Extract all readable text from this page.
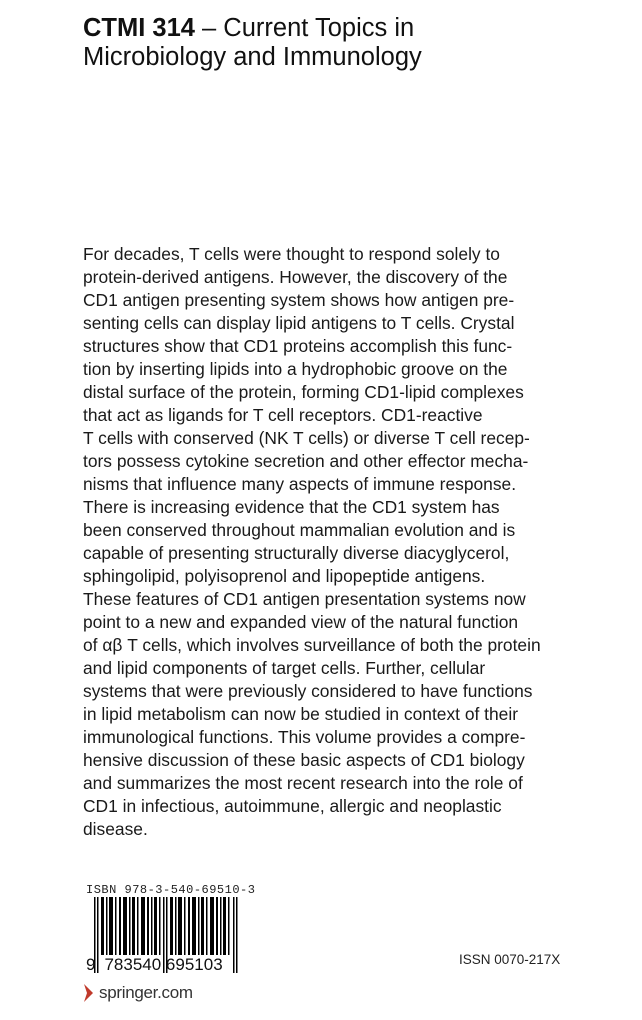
CTMI 314 – Current Topics in
Microbiology and Immunology
For decades, T cells were thought to respond solely to
protein-derived antigens. However, the discovery of the
CD1 antigen presenting system shows how antigen pre-
senting cells can display lipid antigens to T cells. Crystal
structures show that CD1 proteins accomplish this func-
tion by inserting lipids into a hydrophobic groove on the
distal surface of the protein, forming CD1-lipid complexes
that act as ligands for T cell receptors. CD1-reactive
T cells with conserved (NK T cells) or diverse T cell recep-
tors possess cytokine secretion and other effector mecha-
nisms that influence many aspects of immune response.
There is increasing evidence that the CD1 system has
been conserved throughout mammalian evolution and is
capable of presenting structurally diverse diacyglycerol,
sphingolipid, polyisoprenol and lipopeptide antigens.
These features of CD1 antigen presentation systems now
point to a new and expanded view of the natural function
of αβ T cells, which involves surveillance of both the protein
and lipid components of target cells. Further, cellular
systems that were previously considered to have functions
in lipid metabolism can now be studied in context of their
immunological functions. This volume provides a compre-
hensive discussion of these basic aspects of CD1 biology
and summarizes the most recent research into the role of
CD1 in infectious, autoimmune, allergic and neoplastic
disease.
ISBN 978-3-540-69510-3
9 783540 695103	ISSN 0070-217X
springer.com
